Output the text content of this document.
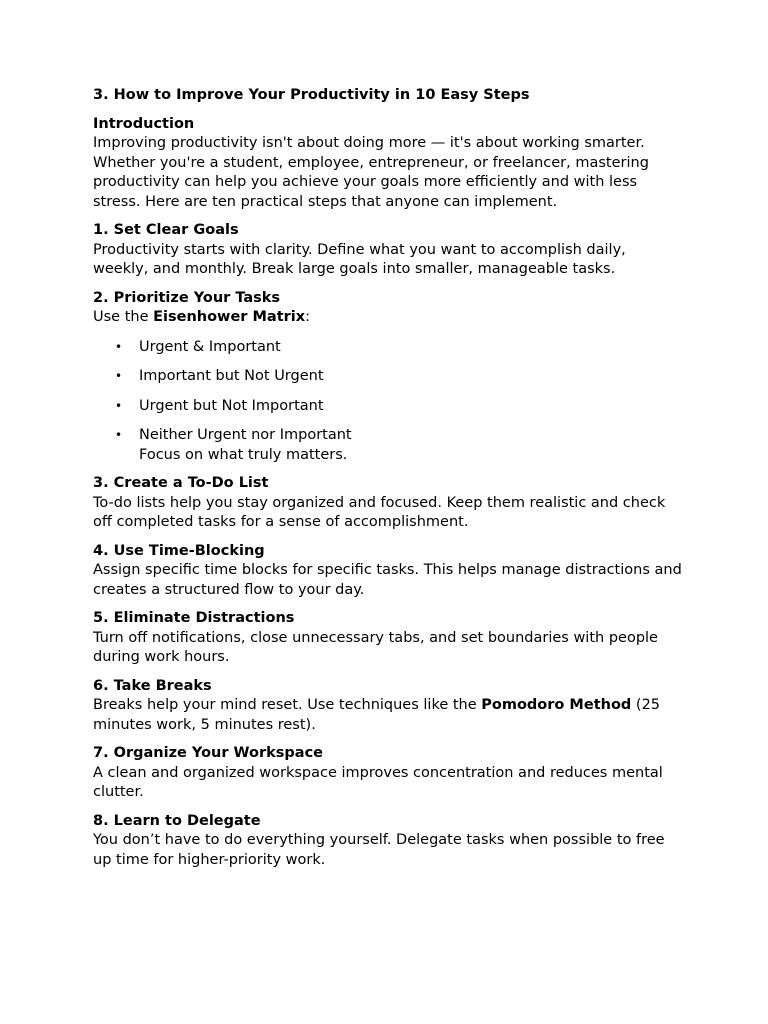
3. How to Improve Your Productivity in 10 Easy Steps
Introduction
Improving productivity isn't about doing more — it's about working smarter. Whether you're a student, employee, entrepreneur, or freelancer, mastering productivity can help you achieve your goals more efficiently and with less stress. Here are ten practical steps that anyone can implement.
1. Set Clear Goals
Productivity starts with clarity. Define what you want to accomplish daily, weekly, and monthly. Break large goals into smaller, manageable tasks.
2. Prioritize Your Tasks
Use the Eisenhower Matrix:
• Urgent & Important
• Important but Not Urgent
• Urgent but Not Important
• Neither Urgent nor Important
Focus on what truly matters.
3. Create a To-Do List
To-do lists help you stay organized and focused. Keep them realistic and check off completed tasks for a sense of accomplishment.
4. Use Time-Blocking
Assign specific time blocks for specific tasks. This helps manage distractions and creates a structured flow to your day.
5. Eliminate Distractions
Turn off notifications, close unnecessary tabs, and set boundaries with people during work hours.
6. Take Breaks
Breaks help your mind reset. Use techniques like the Pomodoro Method (25 minutes work, 5 minutes rest).
7. Organize Your Workspace
A clean and organized workspace improves concentration and reduces mental clutter.
8. Learn to Delegate
You don’t have to do everything yourself. Delegate tasks when possible to free up time for higher-priority work.
